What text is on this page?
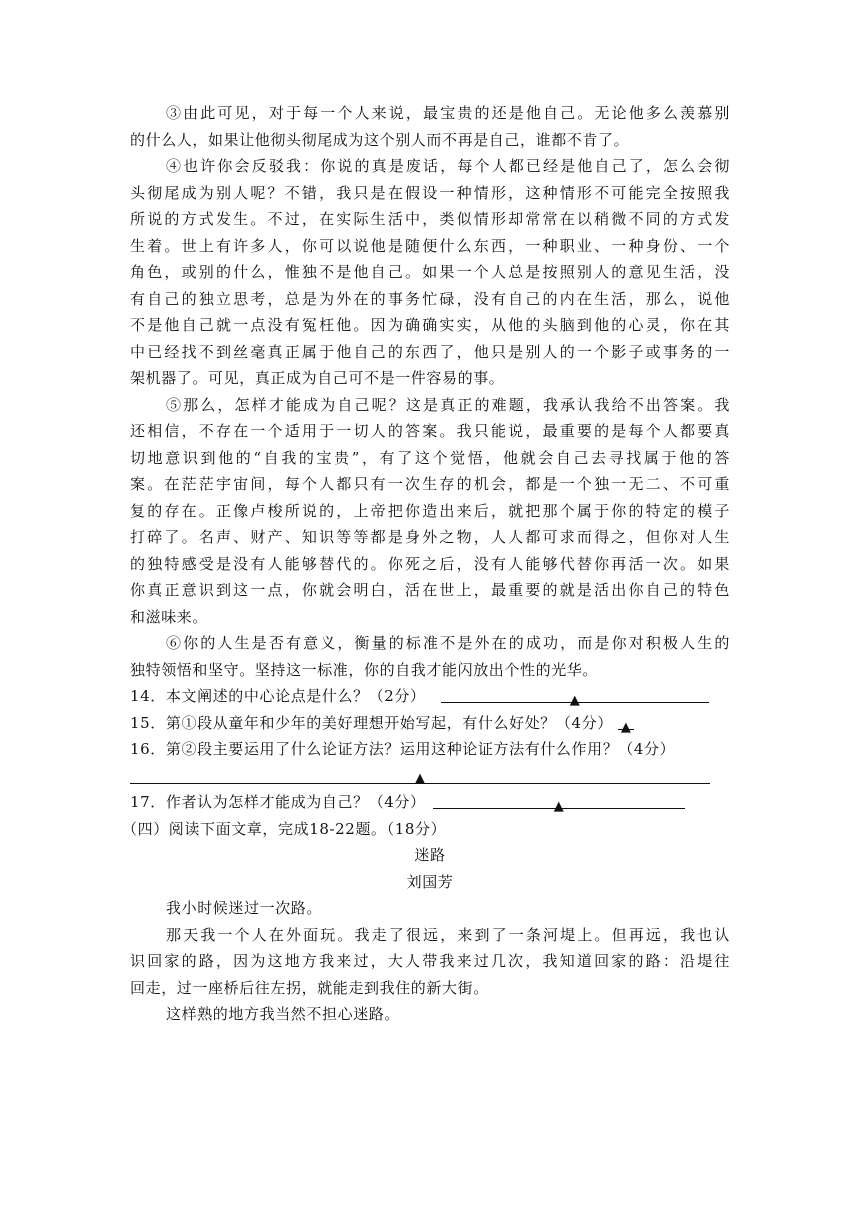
③由此可见，对于每一个人来说，最宝贵的还是他自己。无论他多么羡慕别
的什么人，如果让他彻头彻尾成为这个别人而不再是自己，谁都不肯了。
④也许你会反驳我：你说的真是废话，每个人都已经是他自己了，怎么会彻
头彻尾成为别人呢？不错，我只是在假设一种情形，这种情形不可能完全按照我
所说的方式发生。不过，在实际生活中，类似情形却常常在以稍微不同的方式发
生着。世上有许多人，你可以说他是随便什么东西，一种职业、一种身份、一个
角色，或别的什么，惟独不是他自己。如果一个人总是按照别人的意见生活，没
有自己的独立思考，总是为外在的事务忙碌，没有自己的内在生活，那么，说他
不是他自己就一点没有冤枉他。因为确确实实，从他的头脑到他的心灵，你在其
中已经找不到丝毫真正属于他自己的东西了，他只是别人的一个影子或事务的一
架机器了。可见，真正成为自己可不是一件容易的事。
⑤那么，怎样才能成为自己呢？这是真正的难题，我承认我给不出答案。我
还相信，不存在一个适用于一切人的答案。我只能说，最重要的是每个人都要真
切地意识到他的“自我的宝贵”，有了这个觉悟，他就会自己去寻找属于他的答
案。在茫茫宇宙间，每个人都只有一次生存的机会，都是一个独一无二、不可重
复的存在。正像卢梭所说的，上帝把你造出来后，就把那个属于你的特定的模子
打碎了。名声、财产、知识等等都是身外之物，人人都可求而得之，但你对人生
的独特感受是没有人能够替代的。你死之后，没有人能够代替你再活一次。如果
你真正意识到这一点，你就会明白，活在世上，最重要的就是活出你自己的特色
和滋味来。
⑥你的人生是否有意义，衡量的标准不是外在的成功，而是你对积极人生的
独特领悟和坚守。坚持这一标准，你的自我才能闪放出个性的光华。
14．本文阐述的中心论点是什么？（2分）	▲
15．第①段从童年和少年的美好理想开始写起，有什么好处？（4分） ▲
16．第②段主要运用了什么论证方法？运用这种论证方法有什么作用？（4分）
▲
17．作者认为怎样才能成为自己？（4分）	▲
（四）阅读下面文章，完成18-22题。（18分）
迷路
刘国芳
我小时候迷过一次路。
那天我一个人在外面玩。我走了很远，来到了一条河堤上。但再远，我也认
识回家的路，因为这地方我来过，大人带我来过几次，我知道回家的路：沿堤往
回走，过一座桥后往左拐，就能走到我住的新大街。
这样熟的地方我当然不担心迷路。
